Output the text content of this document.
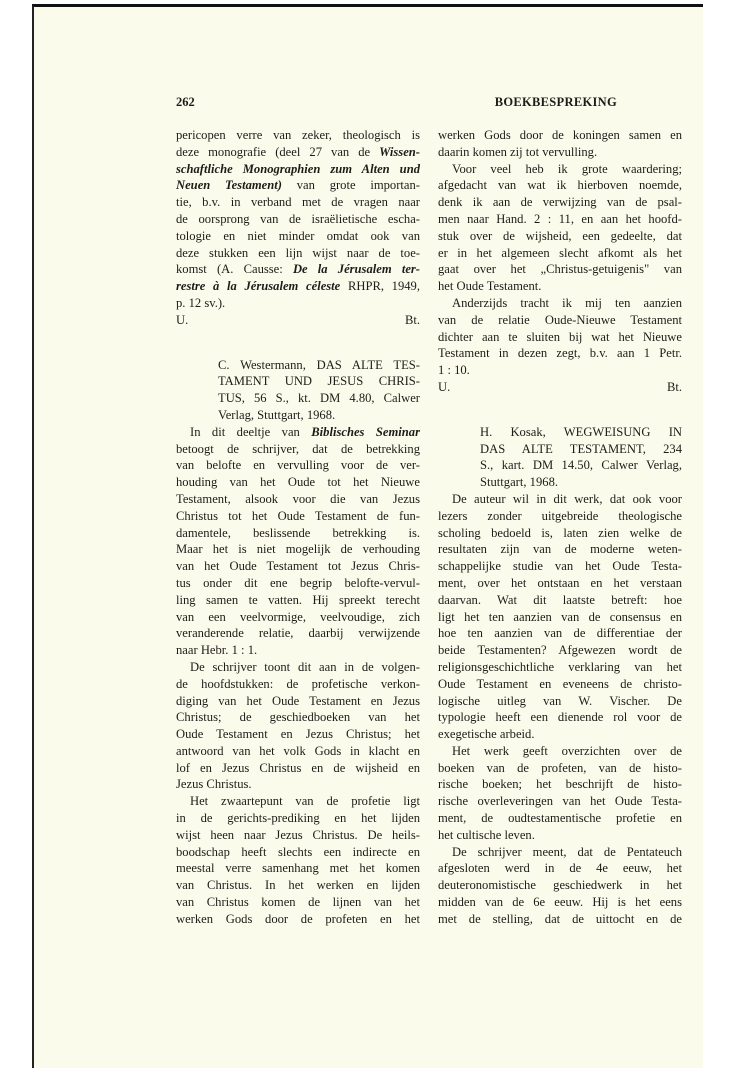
262	BOEKBESPREKING
pericopen verre van zeker, theologisch is
deze monografie (deel 27 van de Wissen-
schaftliche Monographien zum Alten und
Neuen Testament) van grote importan-
tie, b.v. in verband met de vragen naar
de oorsprong van de israëlietische escha-
tologie en niet minder omdat ook van
deze stukken een lijn wijst naar de toe-
komst (A. Causse: De la Jérusalem ter-
restre à la Jérusalem céleste RHPR, 1949,
p. 12 sv.).
U.	Bt.
C. Westermann, DAS ALTE TES-
TAMENT UND JESUS CHRIS-
TUS, 56 S., kt. DM 4.80, Calwer
Verlag, Stuttgart, 1968.
In dit deeltje van Biblisches Seminar
betoogt de schrijver, dat de betrekking
van belofte en vervulling voor de ver-
houding van het Oude tot het Nieuwe
Testament, alsook voor die van Jezus
Christus tot het Oude Testament de fun-
damentele, beslissende betrekking is.
Maar het is niet mogelijk de verhouding
van het Oude Testament tot Jezus Chris-
tus onder dit ene begrip belofte-vervul-
ling samen te vatten. Hij spreekt terecht
van een veelvormige, veelvoudige, zich
veranderende relatie, daarbij verwijzende
naar Hebr. 1 : 1.
De schrijver toont dit aan in de volgen-
de hoofdstukken: de profetische verkon-
diging van het Oude Testament en Jezus
Christus; de geschiedboeken van het
Oude Testament en Jezus Christus; het
antwoord van het volk Gods in klacht en
lof en Jezus Christus en de wijsheid en
Jezus Christus.
Het zwaartepunt van de profetie ligt
in de gerichts-prediking en het lijden
wijst heen naar Jezus Christus. De heils-
boodschap heeft slechts een indirecte en
meestal verre samenhang met het komen
van Christus. In het werken en lijden
van Christus komen de lijnen van het
werken Gods door de profeten en het
werken Gods door de koningen samen en
daarin komen zij tot vervulling.
Voor veel heb ik grote waardering;
afgedacht van wat ik hierboven noemde,
denk ik aan de verwijzing van de psal-
men naar Hand. 2 : 11, en aan het hoofd-
stuk over de wijsheid, een gedeelte, dat
er in het algemeen slecht afkomt als het
gaat over het „Christus-getuigenis" van
het Oude Testament.
Anderzijds tracht ik mij ten aanzien
van de relatie Oude-Nieuwe Testament
dichter aan te sluiten bij wat het Nieuwe
Testament in dezen zegt, b.v. aan 1 Petr.
1 : 10.
U.	Bt.
H. Kosak, WEGWEISUNG IN
DAS ALTE TESTAMENT, 234
S., kart. DM 14.50, Calwer Verlag,
Stuttgart, 1968.
De auteur wil in dit werk, dat ook voor
lezers zonder uitgebreide theologische
scholing bedoeld is, laten zien welke de
resultaten zijn van de moderne weten-
schappelijke studie van het Oude Testa-
ment, over het ontstaan en het verstaan
daarvan. Wat dit laatste betreft: hoe
ligt het ten aanzien van de consensus en
hoe ten aanzien van de differentiae der
beide Testamenten? Afgewezen wordt de
religionsgeschichtliche verklaring van het
Oude Testament en eveneens de christo-
logische uitleg van W. Vischer. De
typologie heeft een dienende rol voor de
exegetische arbeid.
Het werk geeft overzichten over de
boeken van de profeten, van de histo-
rische boeken; het beschrijft de histo-
rische overleveringen van het Oude Testa-
ment, de oudtestamentische profetie en
het cultische leven.
De schrijver meent, dat de Pentateuch
afgesloten werd in de 4e eeuw, het
deuteronomistische geschiedwerk in het
midden van de 6e eeuw. Hij is het eens
met de stelling, dat de uittocht en de
